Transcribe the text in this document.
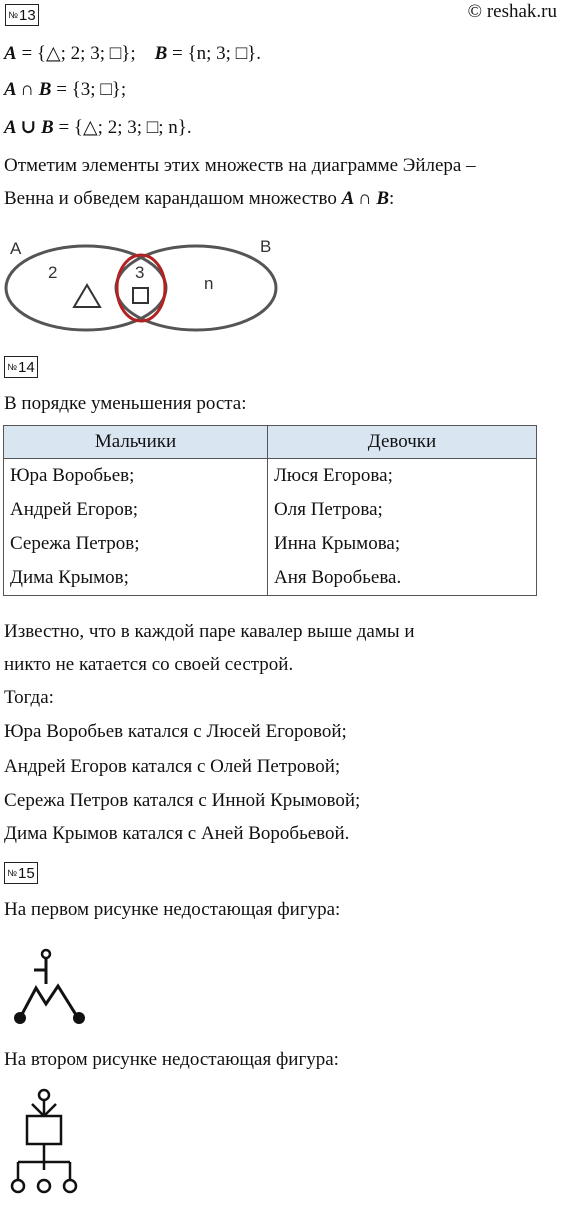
№ 13	© reshak.ru
A = {△; 2; 3; □}; B = {n; 3; □}.
A ∩ B = {3; □};
A ∪ B = {△; 2; 3; □; n}.
Отметим элементы этих множеств на диаграмме Эйлера –
Венна и обведем карандашом множество A ∩ B:
A	B
2	3
n
№ 14
В порядке уменьшения роста:
Мальчики	Девочки
Юра Воробьев;	Люся Егорова;
Андрей Егоров;	Оля Петрова;
Сережа Петров;	Инна Крымова;
Дима Крымов;	Аня Воробьева.
Известно, что в каждой паре кавалер выше дамы и
никто не катается со своей сестрой.
Тогда:
Юра Воробьев катался с Люсей Егоровой;
Андрей Егоров катался с Олей Петровой;
Сережа Петров катался с Инной Крымовой;
Дима Крымов катался с Аней Воробьевой.
№ 15
На первом рисунке недостающая фигура:
На втором рисунке недостающая фигура:
